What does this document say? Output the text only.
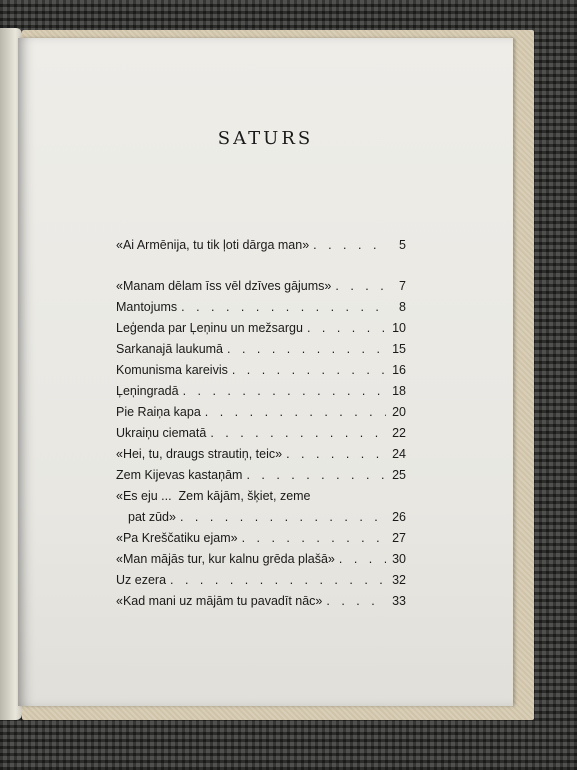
SATURS
«Ai Armēnija, tu tik ļoti dārga man» . . .	5
«Manam dēlam īss vēl dzīves gājums» . . .	7
Mantojums . . .	8
Leģenda par Ļeņinu un mežsargu . . .	10
Sarkanajā laukumā . . .	15
Komunisma kareivis . . .	16
Ļeņingradā . . .	18
Pie Raiņa kapa . . .	20
Ukraiņu ciematā . . .	22
«Hei, tu, draugs strautiņ, teic» . . .	24
Zem Kijevas kastaņām . . .	25
«Es eju ...  Zem kājām, šķiet, zeme
pat zūd» . . .	26
«Pa Kreščatiku ejam» . . .	27
«Man mājās tur, kur kalnu grēda plašā» . . .	30
Uz ezera . . .	32
«Kad mani uz mājām tu pavadīt nāc» . . .	33
